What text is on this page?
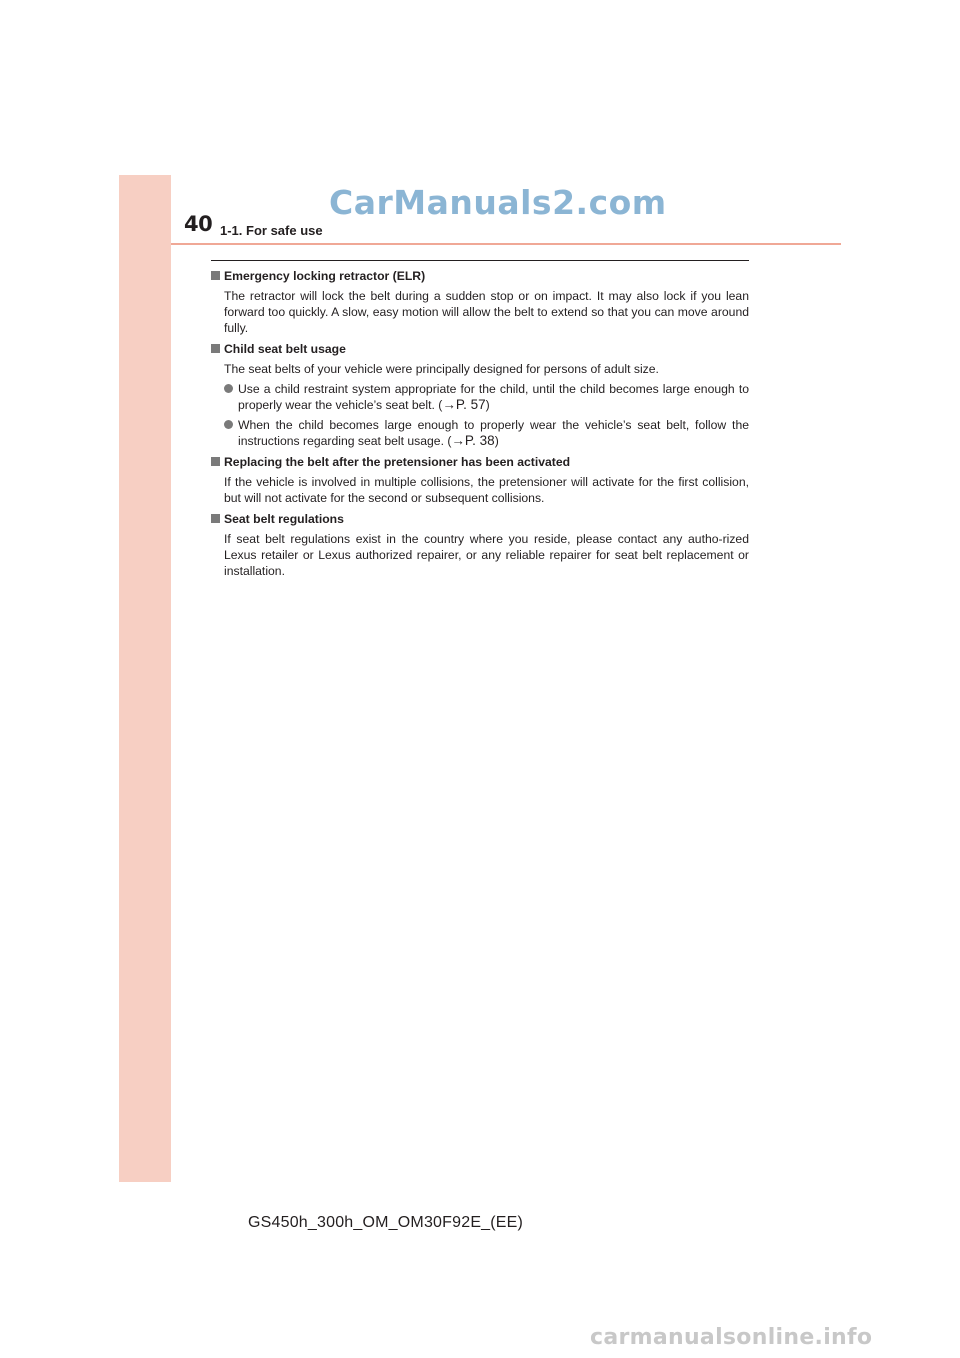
CarManuals2.com
40 1-1. For safe use
Emergency locking retractor (ELR)
The retractor will lock the belt during a sudden stop or on impact. It may also lock if you lean forward too quickly. A slow, easy motion will allow the belt to extend so that you can move around fully.
Child seat belt usage
The seat belts of your vehicle were principally designed for persons of adult size.
Use a child restraint system appropriate for the child, until the child becomes large enough to properly wear the vehicle’s seat belt. (→P. 57)
When the child becomes large enough to properly wear the vehicle’s seat belt, follow the instructions regarding seat belt usage. (→P. 38)
Replacing the belt after the pretensioner has been activated
If the vehicle is involved in multiple collisions, the pretensioner will activate for the first collision, but will not activate for the second or subsequent collisions.
Seat belt regulations
If seat belt regulations exist in the country where you reside, please contact any autho-rized Lexus retailer or Lexus authorized repairer, or any reliable repairer for seat belt replacement or installation.
GS450h_300h_OM_OM30F92E_(EE)
carmanualsonline.info
